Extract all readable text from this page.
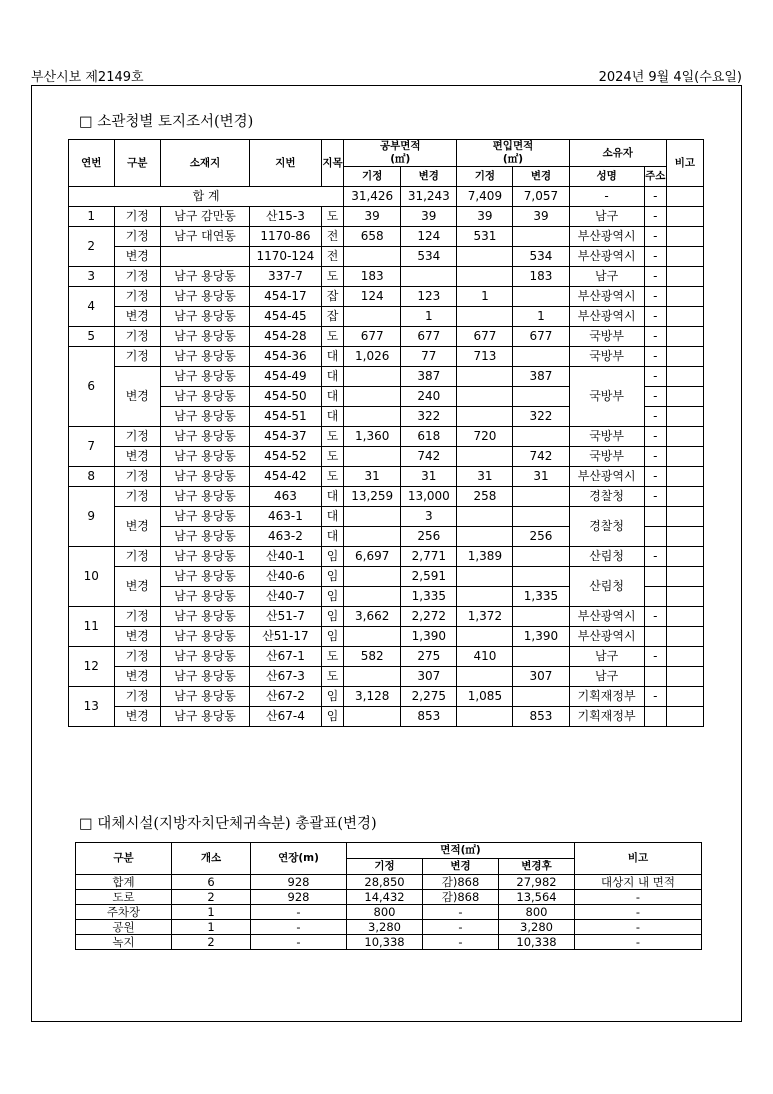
부산시보 제2149호	2024년 9월 4일(수요일)
□ 소관청별 토지조서(변경)
연번	구분	소재지	지번	지목	공부면적
(㎡)		편입면적
(㎡)		소유자		비고
					기정	변경	기정	변경	성명	주소	
합 계					31,426	31,243	7,409	7,057	-	-	
1	기정	남구 감만동	산15-3	도	39	39	39	39	남구	-	
2	기정	남구 대연동	1170-86	전	658	124	531		부산광역시	-	
	변경		1170-124	전		534		534	부산광역시	-	
3	기정	남구 용당동	337-7	도	183			183	남구	-	
4	기정	남구 용당동	454-17	잡	124	123	1		부산광역시	-	
	변경	남구 용당동	454-45	잡		1		1	부산광역시	-	
5	기정	남구 용당동	454-28	도	677	677	677	677	국방부	-	
6	기정	남구 용당동	454-36	대	1,026	77	713		국방부	-	
	변경	남구 용당동	454-49	대		387		387	국방부	-	
		남구 용당동	454-50	대		240				-	
		남구 용당동	454-51	대		322		322		-	
7	기정	남구 용당동	454-37	도	1,360	618	720		국방부	-	
	변경	남구 용당동	454-52	도		742		742	국방부	-	
8	기정	남구 용당동	454-42	도	31	31	31	31	부산광역시	-	
9	기정	남구 용당동	463	대	13,259	13,000	258		경찰청	-	
	변경	남구 용당동	463-1	대		3			경찰청		
		남구 용당동	463-2	대		256		256			
10	기정	남구 용당동	산40-1	임	6,697	2,771	1,389		산림청	-	
	변경	남구 용당동	산40-6	임		2,591			산림청		
		남구 용당동	산40-7	임		1,335		1,335			
11	기정	남구 용당동	산51-7	임	3,662	2,272	1,372		부산광역시	-	
	변경	남구 용당동	산51-17	임		1,390		1,390	부산광역시		
12	기정	남구 용당동	산67-1	도	582	275	410		남구	-	
	변경	남구 용당동	산67-3	도		307		307	남구		
13	기정	남구 용당동	산67-2	임	3,128	2,275	1,085		기획재정부	-	
	변경	남구 용당동	산67-4	임		853		853	기획재정부		
□ 대체시설(지방자치단체귀속분) 총괄표(변경)
구분	개소	연장(m)	면적(㎡)			비고
			기정	변경	변경후	
합계	6	928	28,850	감)868	27,982	대상지 내 면적
도로	2	928	14,432	감)868	13,564	-
주차장	1	-	800	-	800	-
공원	1	-	3,280	-	3,280	-
녹지	2	-	10,338	-	10,338	-
